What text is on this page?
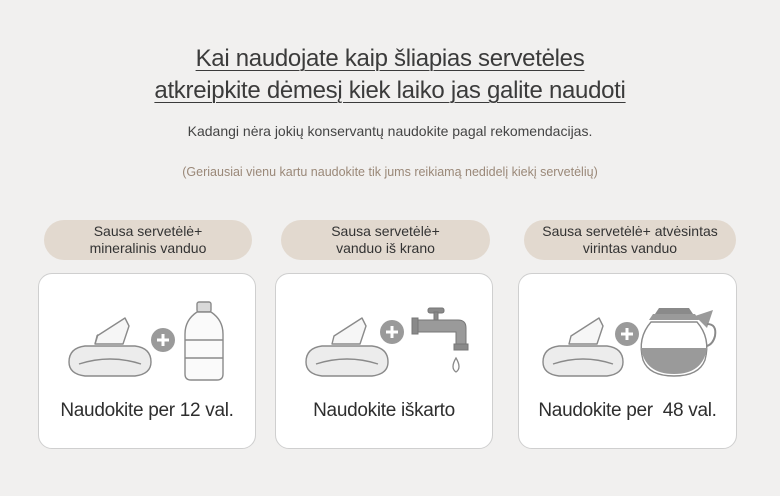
Kai naudojate kaip šliapias servetėles
atkreipkite dėmesį kiek laiko jas galite naudoti
Kadangi nėra jokių konservantų naudokite pagal rekomendacijas.
(Geriausiai vienu kartu naudokite tik jums reikiamą nedidelį kiekį servetėlių)
Sausa servetėlė+
mineralinis vanduo
Naudokite per 12 val.
Sausa servetėlė+
vanduo iš krano
Naudokite iškarto
Sausa servetėlė+ atvėsintas
virintas vanduo
Naudokite per  48 val.
